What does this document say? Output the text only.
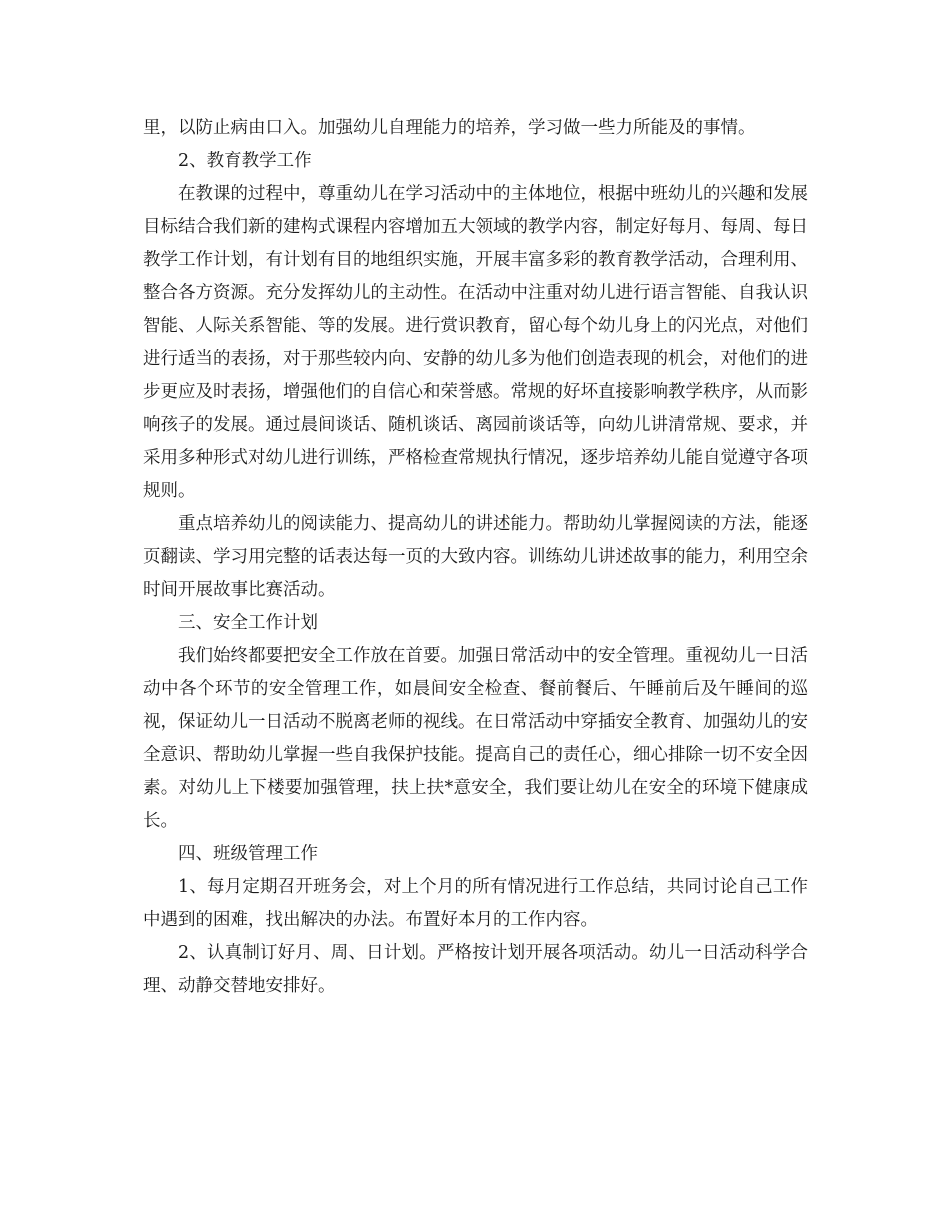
里，以防止病由口入。加强幼儿自理能力的培养，学习做一些力所能及的事情。

2、教育教学工作

在教课的过程中，尊重幼儿在学习活动中的主体地位，根据中班幼儿的兴趣和发展目标结合我们新的建构式课程内容增加五大领域的教学内容，制定好每月、每周、每日教学工作计划，有计划有目的地组织实施，开展丰富多彩的教育教学活动，合理利用、整合各方资源。充分发挥幼儿的主动性。在活动中注重对幼儿进行语言智能、自我认识智能、人际关系智能、等的发展。进行赏识教育，留心每个幼儿身上的闪光点，对他们进行适当的表扬，对于那些较内向、安静的幼儿多为他们创造表现的机会，对他们的进步更应及时表扬，增强他们的自信心和荣誉感。常规的好坏直接影响教学秩序，从而影响孩子的发展。通过晨间谈话、随机谈话、离园前谈话等，向幼儿讲清常规、要求，并采用多种形式对幼儿进行训练，严格检查常规执行情况，逐步培养幼儿能自觉遵守各项规则。

重点培养幼儿的阅读能力、提高幼儿的讲述能力。帮助幼儿掌握阅读的方法，能逐页翻读、学习用完整的话表达每一页的大致内容。训练幼儿讲述故事的能力，利用空余时间开展故事比赛活动。

三、安全工作计划

我们始终都要把安全工作放在首要。加强日常活动中的安全管理。重视幼儿一日活动中各个环节的安全管理工作，如晨间安全检查、餐前餐后、午睡前后及午睡间的巡视，保证幼儿一日活动不脱离老师的视线。在日常活动中穿插安全教育、加强幼儿的安全意识、帮助幼儿掌握一些自我保护技能。提高自己的责任心，细心排除一切不安全因素。对幼儿上下楼要加强管理，扶上扶*意安全，我们要让幼儿在安全的环境下健康成长。

四、班级管理工作

1、每月定期召开班务会，对上个月的所有情况进行工作总结，共同讨论自己工作中遇到的困难，找出解决的办法。布置好本月的工作内容。

2、认真制订好月、周、日计划。严格按计划开展各项活动。幼儿一日活动科学合理、动静交替地安排好。
